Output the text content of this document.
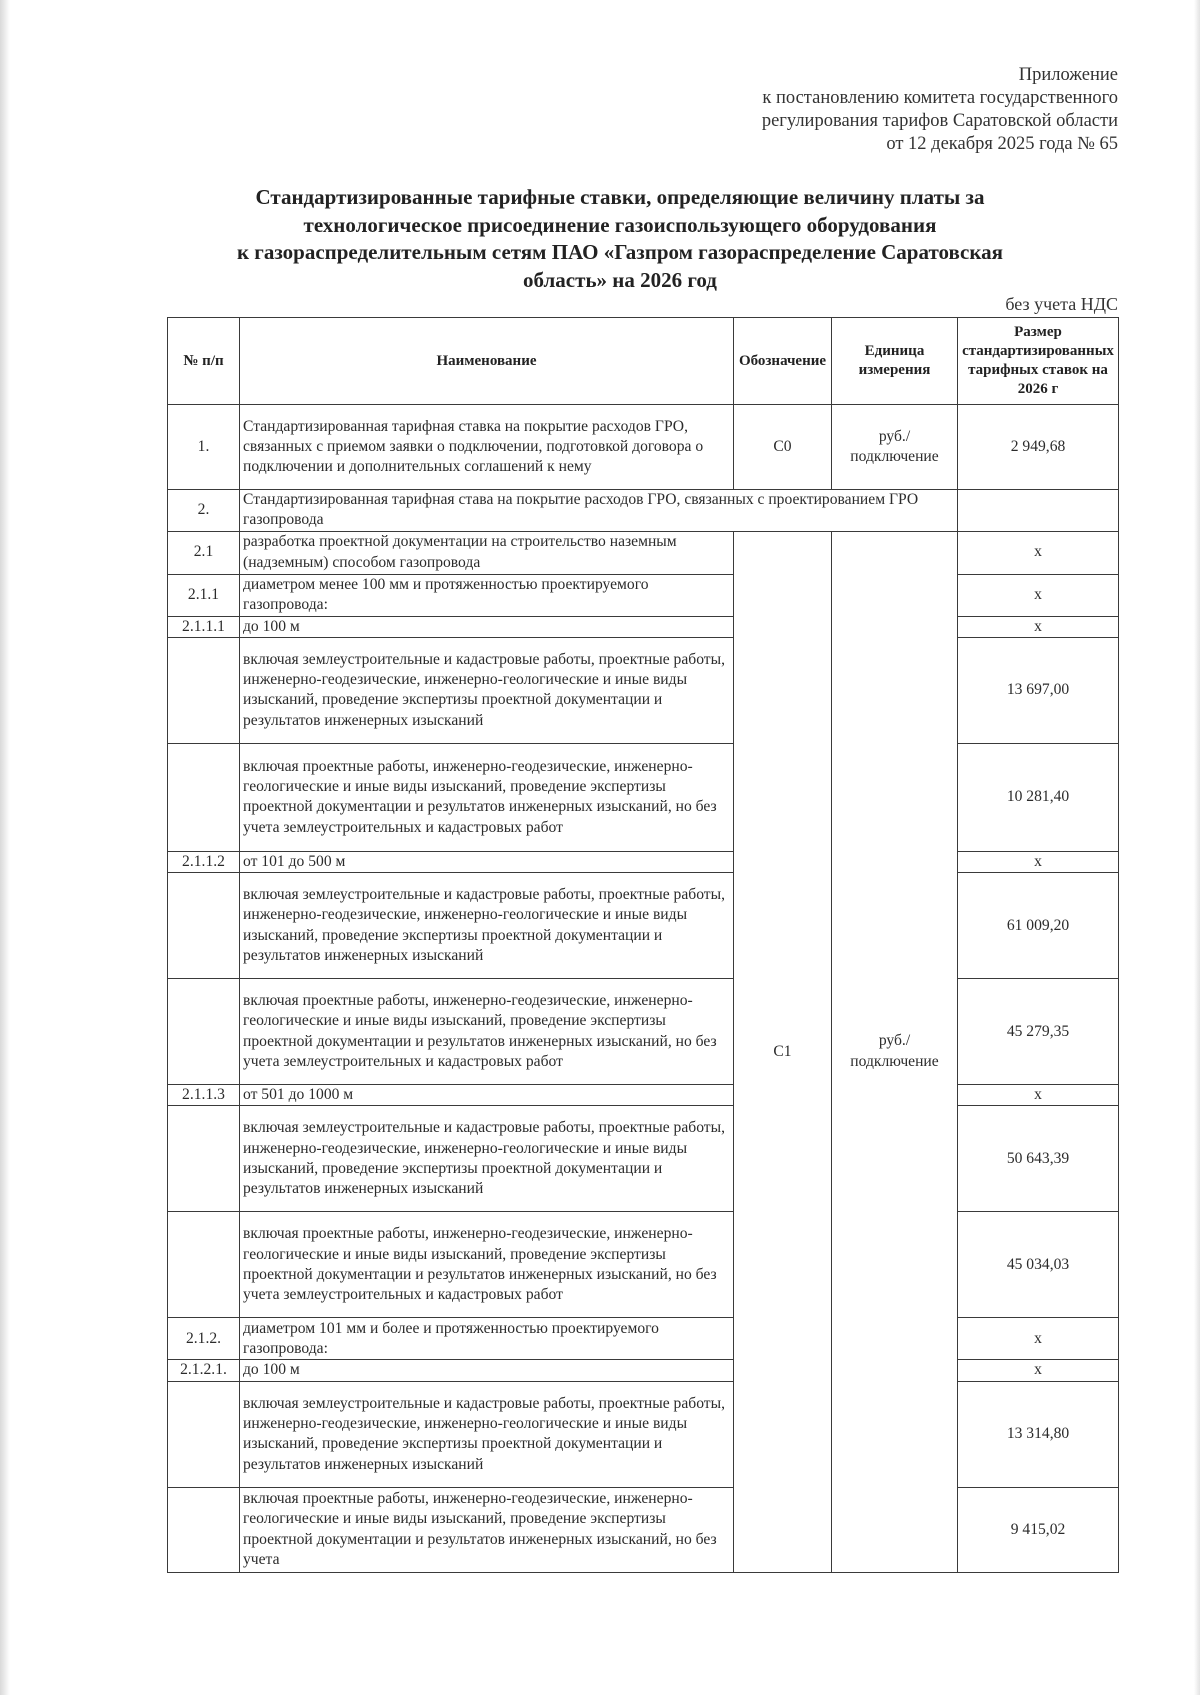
Приложение
к постановлению комитета государственного
регулирования тарифов Саратовской области
от 12 декабря 2025 года № 65
Стандартизированные тарифные ставки, определяющие величину платы за
технологическое присоединение газоиспользующего оборудования
к газораспределительным сетям ПАО «Газпром газораспределение Саратовская
область» на 2026 год
без учета НДС
№ п/п	Наименование	Обозначение	Единица измерения	Размер стандартизированных тарифных ставок на 2026 г
1.	Стандартизированная тарифная ставка на покрытие расходов ГРО, связанных с приемом заявки о подключении, подготовкой договора о подключении и дополнительных соглашений к нему	С0	руб./подключение	2 949,68
2.	Стандартизированная тарифная става на покрытие расходов ГРО, связанных с проектированием ГРО газопровода			
2.1	разработка проектной документации на строительство наземным (надземным) способом газопровода	С1	руб./подключение	х
2.1.1	диаметром менее 100 мм и протяженностью проектируемого газопровода:			х
2.1.1.1	до 100 м			х
	включая землеустроительные и кадастровые работы, проектные работы, инженерно-геодезические, инженерно-геологические и иные виды изысканий, проведение экспертизы проектной документации и результатов инженерных изысканий			13 697,00
	включая проектные работы, инженерно-геодезические, инженерно-геологические и иные виды изысканий, проведение экспертизы проектной документации и результатов инженерных изысканий, но без учета землеустроительных и кадастровых работ			10 281,40
2.1.1.2	от 101 до 500 м			х
	включая землеустроительные и кадастровые работы, проектные работы, инженерно-геодезические, инженерно-геологические и иные виды изысканий, проведение экспертизы проектной документации и результатов инженерных изысканий			61 009,20
	включая проектные работы, инженерно-геодезические, инженерно-геологические и иные виды изысканий, проведение экспертизы проектной документации и результатов инженерных изысканий, но без учета землеустроительных и кадастровых работ			45 279,35
2.1.1.3	от 501 до 1000 м			х
	включая землеустроительные и кадастровые работы, проектные работы, инженерно-геодезические, инженерно-геологические и иные виды изысканий, проведение экспертизы проектной документации и результатов инженерных изысканий			50 643,39
	включая проектные работы, инженерно-геодезические, инженерно-геологические и иные виды изысканий, проведение экспертизы проектной документации и результатов инженерных изысканий, но без учета землеустроительных и кадастровых работ			45 034,03
2.1.2.	диаметром 101 мм и более и протяженностью проектируемого газопровода:			х
2.1.2.1.	до 100 м			х
	включая землеустроительные и кадастровые работы, проектные работы, инженерно-геодезические, инженерно-геологические и иные виды изысканий, проведение экспертизы проектной документации и результатов инженерных изысканий			13 314,80
	включая проектные работы, инженерно-геодезические, инженерно-геологические и иные виды изысканий, проведение экспертизы проектной документации и результатов инженерных изысканий, но без учета			9 415,02
